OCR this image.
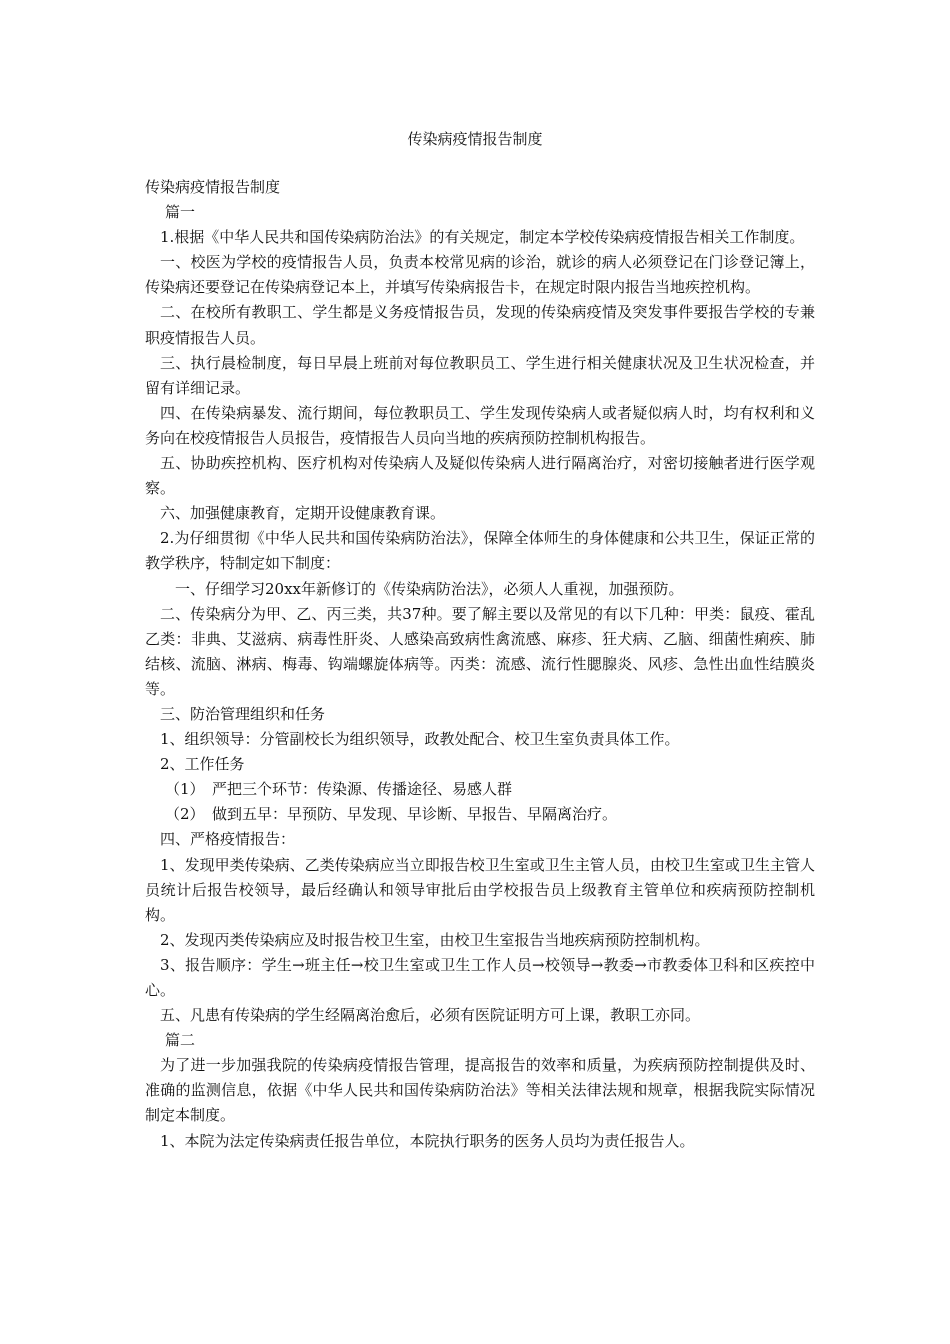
传染病疫情报告制度

传染病疫情报告制度

篇一

1.根据《中华人民共和国传染病防治法》的有关规定，制定本学校传染病疫情报告相关工作制度。

一、校医为学校的疫情报告人员，负责本校常见病的诊治，就诊的病人必须登记在门诊登记簿上，传染病还要登记在传染病登记本上，并填写传染病报告卡，在规定时限内报告当地疾控机构。

二、在校所有教职工、学生都是义务疫情报告员，发现的传染病疫情及突发事件要报告学校的专兼职疫情报告人员。

三、执行晨检制度，每日早晨上班前对每位教职员工、学生进行相关健康状况及卫生状况检查，并留有详细记录。

四、在传染病暴发、流行期间，每位教职员工、学生发现传染病人或者疑似病人时，均有权利和义务向在校疫情报告人员报告，疫情报告人员向当地的疾病预防控制机构报告。

五、协助疾控机构、医疗机构对传染病人及疑似传染病人进行隔离治疗，对密切接触者进行医学观察。

六、加强健康教育，定期开设健康教育课。

2.为仔细贯彻《中华人民共和国传染病防治法》，保障全体师生的身体健康和公共卫生，保证正常的教学秩序，特制定如下制度：

一、仔细学习20xx年新修订的《传染病防治法》，必须人人重视，加强预防。

二、传染病分为甲、乙、丙三类，共37种。要了解主要以及常见的有以下几种：甲类：鼠疫、霍乱乙类：非典、艾滋病、病毒性肝炎、人感染高致病性禽流感、麻疹、狂犬病、乙脑、细菌性痢疾、肺结核、流脑、淋病、梅毒、钩端螺旋体病等。丙类：流感、流行性腮腺炎、风疹、急性出血性结膜炎等。

三、防治管理组织和任务

1、组织领导：分管副校长为组织领导，政教处配合、校卫生室负责具体工作。

2、工作任务

（1）　严把三个环节：传染源、传播途径、易感人群

（2）　做到五早：早预防、早发现、早诊断、早报告、早隔离治疗。

四、严格疫情报告：

1、发现甲类传染病、乙类传染病应当立即报告校卫生室或卫生主管人员，由校卫生室或卫生主管人员统计后报告校领导，最后经确认和领导审批后由学校报告员上级教育主管单位和疾病预防控制机构。

2、发现丙类传染病应及时报告校卫生室，由校卫生室报告当地疾病预防控制机构。

3、报告顺序：学生→班主任→校卫生室或卫生工作人员→校领导→教委→市教委体卫科和区疾控中心。

五、凡患有传染病的学生经隔离治愈后，必须有医院证明方可上课，教职工亦同。

篇二

为了进一步加强我院的传染病疫情报告管理，提高报告的效率和质量，为疾病预防控制提供及时、准确的监测信息，依据《中华人民共和国传染病防治法》等相关法律法规和规章，根据我院实际情况制定本制度。

1、本院为法定传染病责任报告单位，本院执行职务的医务人员均为责任报告人。
